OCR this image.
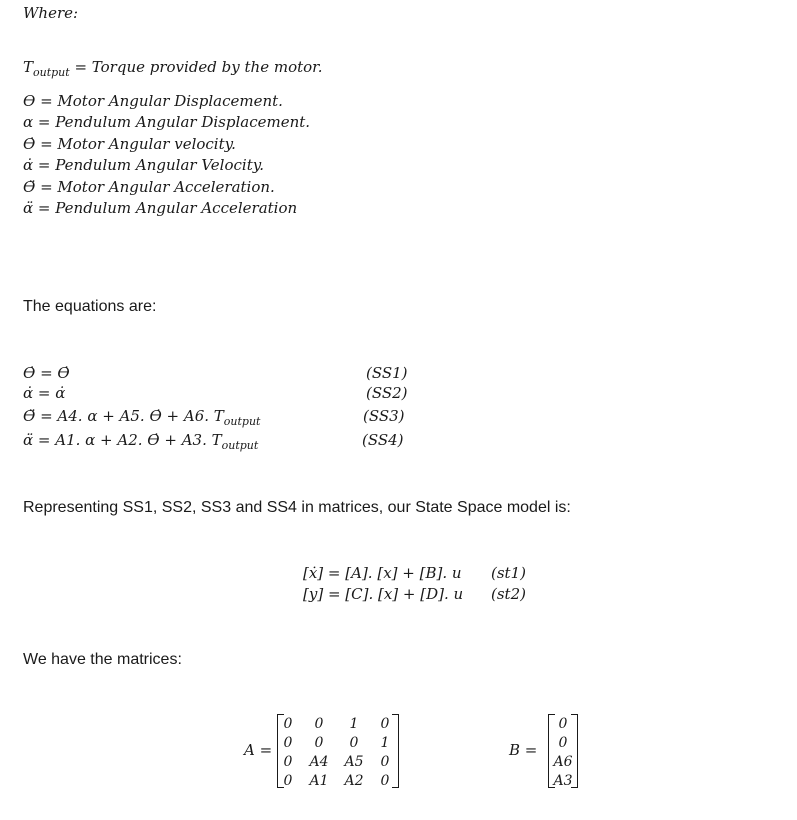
Where:
$T_{output}$ = Torque provided by the motor.
ϴ = Motor Angular Displacement.
α = Pendulum Angular Displacement.
ϴ̇ = Motor Angular velocity.
α̇ = Pendulum Angular Velocity.
ϴ̈ = Motor Angular Acceleration.
α̈ = Pendulum Angular Acceleration
The equations are:
ϴ̇ = ϴ̇	(SS1)
α̇ = α̇	(SS2)
ϴ̈ = A4. α + A5. ϴ̇ + A6. $T_{output}$	(SS3)
α̈ = A1. α + A2. ϴ̇ + A3. $T_{output}$	(SS4)
Representing SS1, SS2, SS3 and SS4 in matrices, our State Space model is:
[ẋ] = [A]. [x] + [B]. u (st1)
[y] = [C]. [x] + [D]. u (st2)
We have the matrices:
A =
0	0	1	0
0	0	0	1
0	A4	A5	0
0	A1	A2	0
B =
0
0
A6
A3
